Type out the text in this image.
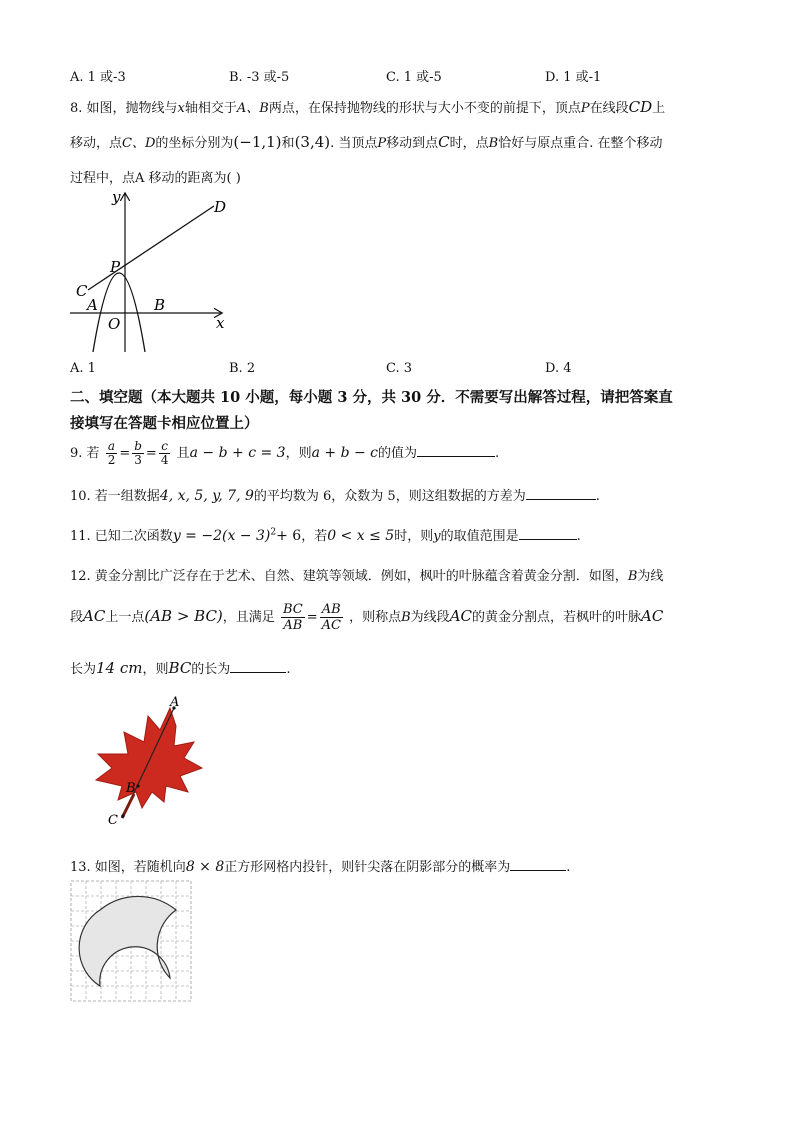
A. 1 或-3	B. -3 或-5	C. 1 或-5	D. 1 或-1
8. 如图，抛物线与x轴相交于A、B两点，在保持抛物线的形状与大小不变的前提下，顶点P在线段CD上
移动，点C、D的坐标分别为(−1,1)和(3,4). 当顶点P移动到点C时，点B恰好与原点重合. 在整个移动
过程中，点A 移动的距离为( )
y
x
D
P
C
A	B
O
A. 1	B. 2	C. 3	D. 4
二、填空题（本大题共 10 小题，每小题 3 分，共 30 分．不需要写出解答过程，请把答案直
接填写在答题卡相应位置上）
9. 若 $\frac{a}{2} = \frac{b}{3} = \frac{c}{4}$ 且a − b + c = 3，则a + b − c的值为	.
10. 若一组数据4, x, 5, y, 7, 9的平均数为 6，众数为 5，则这组数据的方差为	.
11. 已知二次函数$y = -2(x - 3)^2+ 6$，若0 < x ≤ 5时，则y的取值范围是	.
12. 黄金分割比广泛存在于艺术、自然、建筑等领域．例如，枫叶的叶脉蕴含着黄金分割．如图，B为线
段AC上一点(AB > BC)，且满足 $\frac{BC}{AB} = \frac{AB}{AC}$ ，则称点B为线段AC的黄金分割点，若枫叶的叶脉AC
长为14 cm，则BC的长为	.
A
B
C
13. 如图，若随机向8 × 8正方形网格内投针，则针尖落在阴影部分的概率为	.
